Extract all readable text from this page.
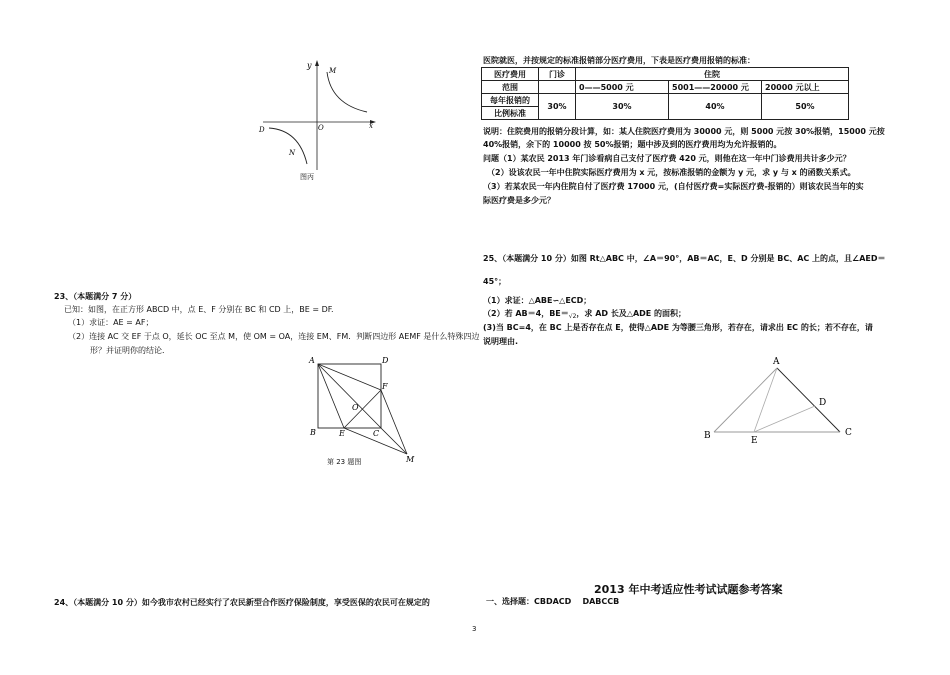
y
M
O	x
D
N
图丙
23、（本题满分 7 分）
已知：如图，在正方形 ABCD 中，点 E、F 分别在 BC 和 CD 上，BE = DF.
（1）求证：AE = AF；
（2）连接 AC 交 EF 于点 O，延长 OC 至点 M，使 OM = OA，连接 EM、FM．判断四边形 AEMF 是什么特殊四边
形？并证明你的结论．
A	D
F
O
B	E	C
M
第 23 题图
24、（本题满分 10 分）如今我市农村已经实行了农民新型合作医疗保险制度，享受医保的农民可在规定的
医院就医，并按规定的标准报销部分医疗费用，下表是医疗费用报销的标准：
医疗费用	门诊	住院		
范围		0——5000 元	5001——20000 元	20000 元以上
每年报销的	30%	30%	40%	50%
比例标准				
说明：住院费用的报销分段计算，如：某人住院医疗费用为 30000 元，则 5000 元按 30%报销，15000 元按
40%报销，余下的 10000 按 50%报销；题中涉及到的医疗费用均为允许报销的。
问题（1）某农民 2013 年门诊看病自己支付了医疗费 420 元，则他在这一年中门诊费用共计多少元？
（2）设该农民一年中住院实际医疗费用为 x 元，按标准报销的金额为 y 元，求 y 与 x 的函数关系式。
（3）若某农民一年内住院自付了医疗费 17000 元，(自付医疗费=实际医疗费-报销的）则该农民当年的实
际医疗费是多少元？
25、（本题满分 10 分）如图 Rt△ABC 中，∠A＝90°，AB＝AC，E、D 分别是 BC、AC 上的点，且∠AED＝
45°；
（1）求证：△ABE∽△ECD；
（2）若 AB＝4，$BE=_{√2}$，求 AD 长及△ADE 的面积；
(3)当 BC=4，在 BC 上是否存在点 E，使得△ADE 为等腰三角形，若存在，请求出 EC 的长；若不存在，请
说明理由.
A
D
B	E
C
2013 年中考适应性考试试题参考答案
一、选择题：CBDACD    DABCCB
3
